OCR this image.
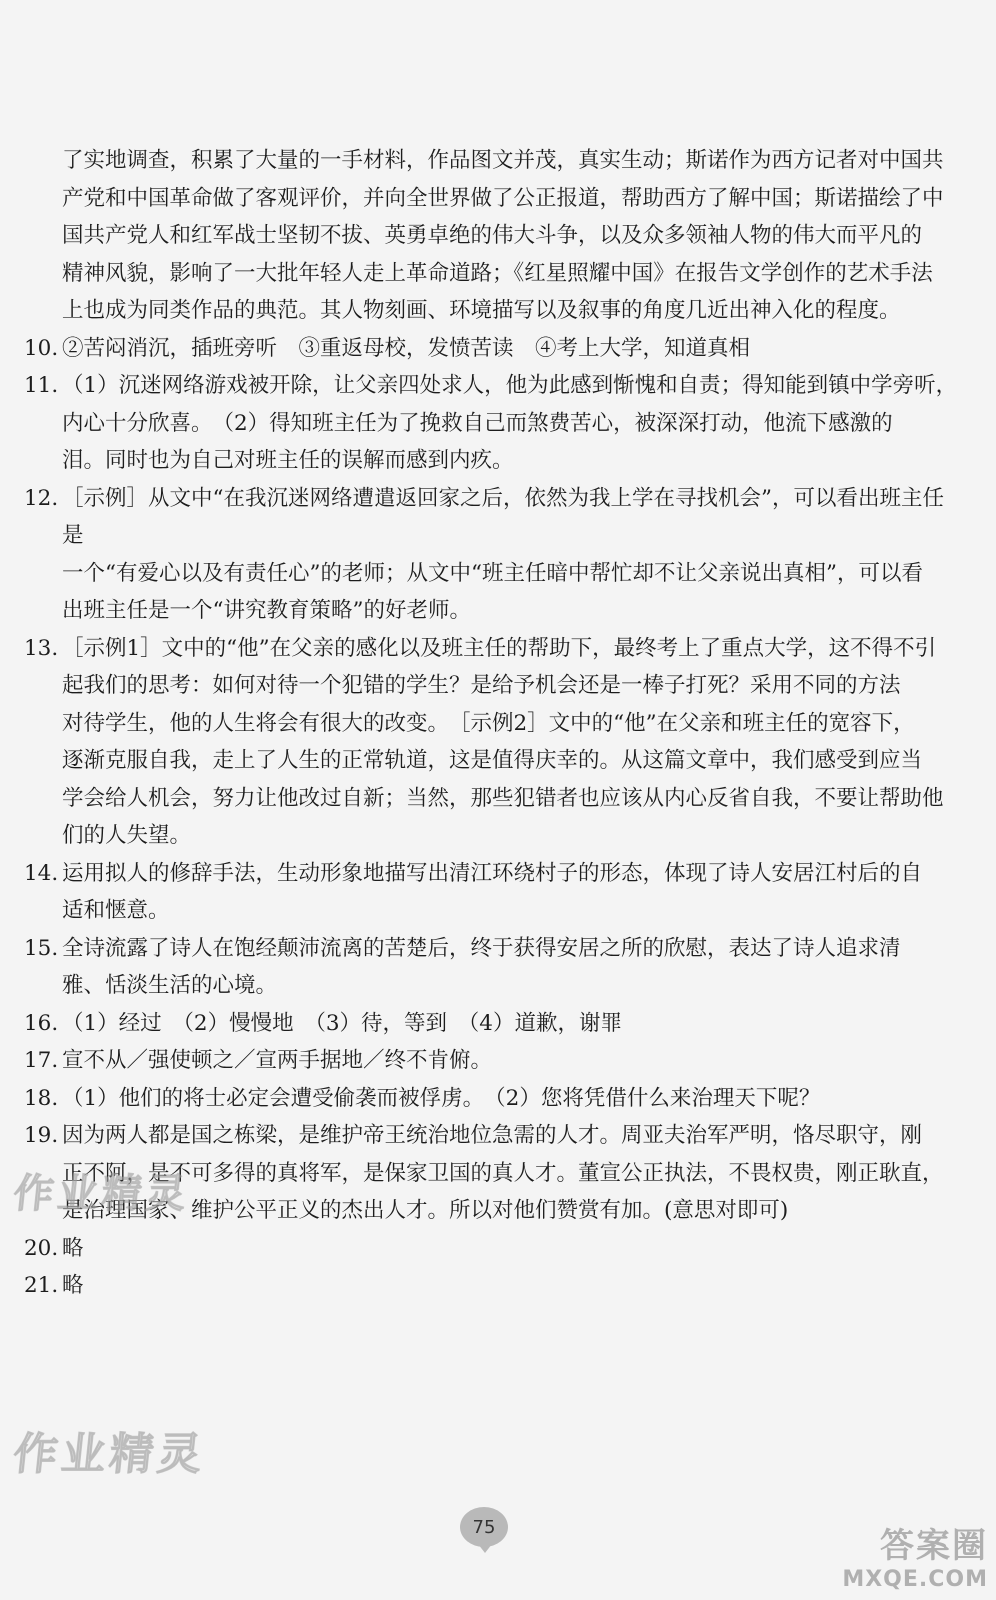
了实地调查，积累了大量的一手材料，作品图文并茂，真实生动；斯诺作为西方记者对中国共
产党和中国革命做了客观评价，并向全世界做了公正报道，帮助西方了解中国；斯诺描绘了中
国共产党人和红军战士坚韧不拔、英勇卓绝的伟大斗争，以及众多领袖人物的伟大而平凡的
精神风貌，影响了一大批年轻人走上革命道路；《红星照耀中国》在报告文学创作的艺术手法
上也成为同类作品的典范。其人物刻画、环境描写以及叙事的角度几近出神入化的程度。
10. ②苦闷消沉，插班旁听　③重返母校，发愤苦读　④考上大学，知道真相
11. （1）沉迷网络游戏被开除，让父亲四处求人，他为此感到惭愧和自责；得知能到镇中学旁听，
内心十分欣喜。　（2）得知班主任为了挽救自己而煞费苦心，被深深打动，他流下感激的
泪。同时也为自己对班主任的误解而感到内疚。
12. ［示例］从文中“在我沉迷网络遭遣返回家之后，依然为我上学在寻找机会”，可以看出班主任是
一个“有爱心以及有责任心”的老师；从文中“班主任暗中帮忙却不让父亲说出真相”，可以看
出班主任是一个“讲究教育策略”的好老师。
13. ［示例1］文中的“他”在父亲的感化以及班主任的帮助下，最终考上了重点大学，这不得不引
起我们的思考：如何对待一个犯错的学生？是给予机会还是一棒子打死？采用不同的方法
对待学生，他的人生将会有很大的改变。　［示例2］文中的“他”在父亲和班主任的宽容下，
逐渐克服自我，走上了人生的正常轨道，这是值得庆幸的。从这篇文章中，我们感受到应当
学会给人机会，努力让他改过自新；当然，那些犯错者也应该从内心反省自我，不要让帮助他
们的人失望。
14. 运用拟人的修辞手法，生动形象地描写出清江环绕村子的形态，体现了诗人安居江村后的自
适和惬意。
15. 全诗流露了诗人在饱经颠沛流离的苦楚后，终于获得安居之所的欣慰，表达了诗人追求清
雅、恬淡生活的心境。
16. （1）经过　（2）慢慢地　（3）待，等到　（4）道歉，谢罪
17. 宣不从／强使顿之／宣两手据地／终不肯俯。
18. （1）他们的将士必定会遭受偷袭而被俘虏。　（2）您将凭借什么来治理天下呢？
19. 因为两人都是国之栋梁，是维护帝王统治地位急需的人才。周亚夫治军严明，恪尽职守，刚
正不阿，是不可多得的真将军，是保家卫国的真人才。董宣公正执法，不畏权贵，刚正耿直，
是治理国家、维护公平正义的杰出人才。所以对他们赞赏有加。(意思对即可)
20. 略
21. 略
作业精灵
作业精灵
75	答案圈
MXQE.COM
